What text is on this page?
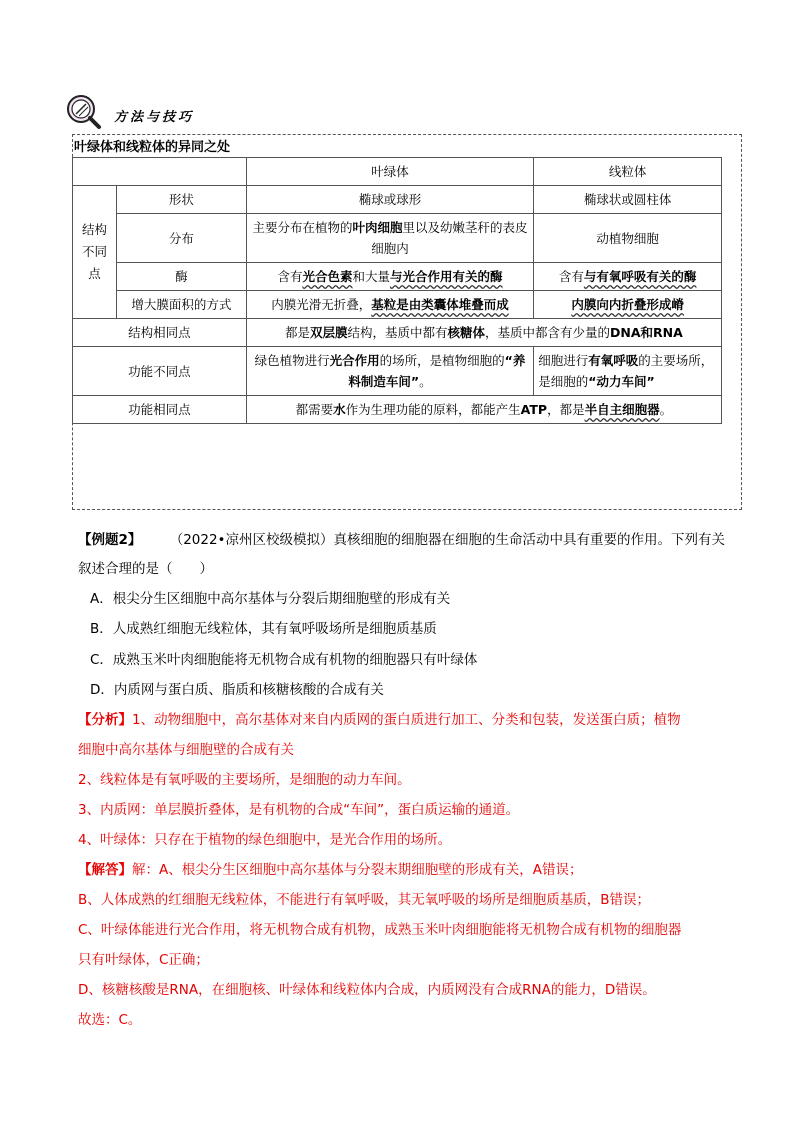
方法与技巧
叶绿体和线粒体的异同之处
		叶绿体	线粒体
结构不同点	形状	椭球或球形	椭球状或圆柱体
	分布	主要分布在植物的叶肉细胞里以及幼嫩茎秆的表皮细胞内	动植物细胞
	酶	含有光合色素和大量与光合作用有关的酶	含有与有氧呼吸有关的酶
	增大膜面积的方式	内膜光滑无折叠，基粒是由类囊体堆叠而成	内膜向内折叠形成嵴
结构相同点		都是双层膜结构，基质中都有核糖体，基质中都含有少量的DNA和RNA	
功能不同点		绿色植物进行光合作用的场所，是植物细胞的“养料制造车间”。	细胞进行有氧呼吸的主要场所，是细胞的“动力车间”
功能相同点		都需要水作为生理功能的原料，都能产生ATP，都是半自主细胞器。	
【例题2】 （2022•凉州区校级模拟）真核细胞的细胞器在细胞的生命活动中具有重要的作用。下列有关
叙述合理的是（　　）
A．根尖分生区细胞中高尔基体与分裂后期细胞壁的形成有关
B．人成熟红细胞无线粒体，其有氧呼吸场所是细胞质基质
C．成熟玉米叶肉细胞能将无机物合成有机物的细胞器只有叶绿体
D．内质网与蛋白质、脂质和核糖核酸的合成有关
【分析】1、动物细胞中，高尔基体对来自内质网的蛋白质进行加工、分类和包装，发送蛋白质；植物
细胞中高尔基体与细胞壁的合成有关
2、线粒体是有氧呼吸的主要场所，是细胞的动力车间。
3、内质网：单层膜折叠体，是有机物的合成“车间”，蛋白质运输的通道。
4、叶绿体：只存在于植物的绿色细胞中，是光合作用的场所。
【解答】解：A、根尖分生区细胞中高尔基体与分裂末期细胞壁的形成有关，A错误；
B、人体成熟的红细胞无线粒体，不能进行有氧呼吸，其无氧呼吸的场所是细胞质基质，B错误；
C、叶绿体能进行光合作用，将无机物合成有机物，成熟玉米叶肉细胞能将无机物合成有机物的细胞器
只有叶绿体，C正确；
D、核糖核酸是RNA，在细胞核、叶绿体和线粒体内合成，内质网没有合成RNA的能力，D错误。
故选：C。
